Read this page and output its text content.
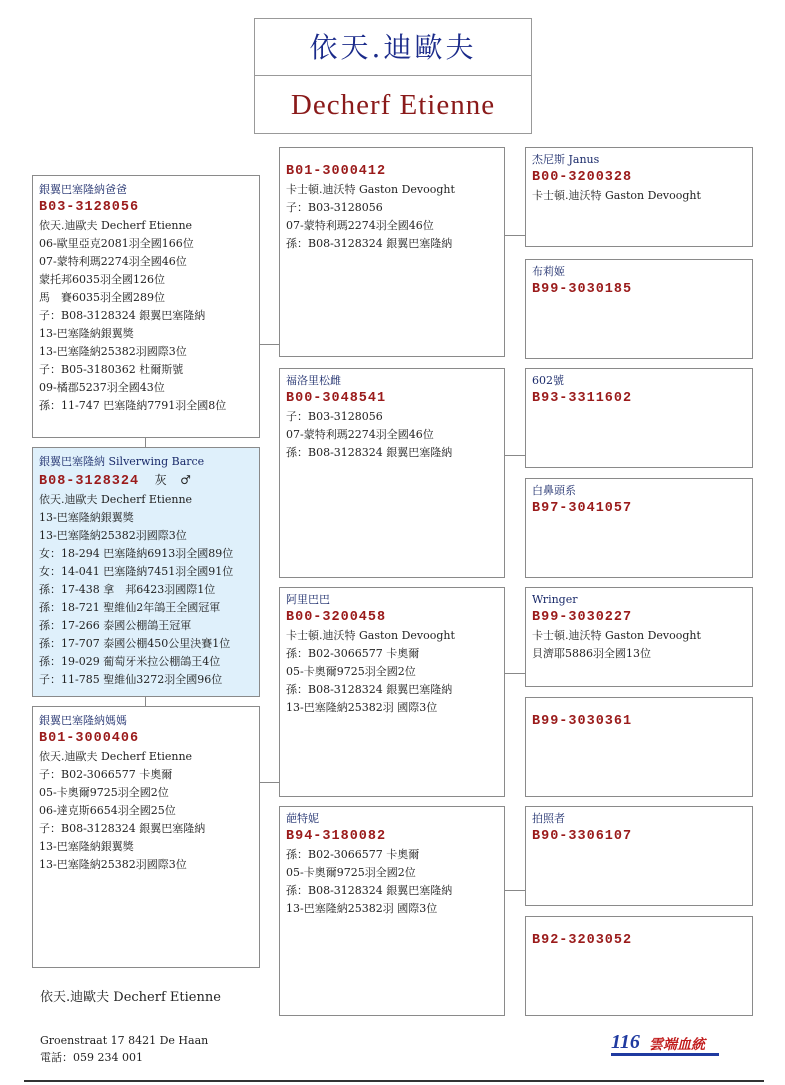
依天.迪歐夫
Decherf Etienne
銀翼巴塞隆納爸爸
B03-3128056
依天.迪歐夫 Decherf Etienne
06-歐里亞克2081羽全國166位
07-蒙特利瑪2274羽全國46位
蒙托邦6035羽全國126位
馬　賽6035羽全國289位
子：B08-3128324 銀翼巴塞隆納
13-巴塞隆納銀翼獎
13-巴塞隆納25382羽國際3位
子：B05-3180362 杜爾斯號
09-橘郡5237羽全國43位
孫：11-747 巴塞隆納7791羽全國8位
銀翼巴塞隆納 Silverwing Barce
B08-3128324 灰 ♂
依天.迪歐夫 Decherf Etienne
13-巴塞隆納銀翼獎
13-巴塞隆納25382羽國際3位
女：18-294 巴塞隆納6913羽全國89位
女：14-041 巴塞隆納7451羽全國91位
孫：17-438 拿　邦6423羽國際1位
孫：18-721 聖維仙2年鴿王全國冠軍
孫：17-266 泰國公棚鴿王冠軍
孫：17-707 泰國公棚450公里決賽1位
孫：19-029 葡萄牙米拉公棚鴿王4位
子：11-785 聖維仙3272羽全國96位
銀翼巴塞隆納媽媽
B01-3000406
依天.迪歐夫 Decherf Etienne
子：B02-3066577 卡奧爾
05-卡奧爾9725羽全國2位
06-達克斯6654羽全國25位
子：B08-3128324 銀翼巴塞隆納
13-巴塞隆納銀翼獎
13-巴塞隆納25382羽國際3位
B01-3000412
卡士頓.迪沃特 Gaston Devooght
子：B03-3128056
07-蒙特利瑪2274羽全國46位
孫：B08-3128324 銀翼巴塞隆納
福洛里松雌
B00-3048541
子：B03-3128056
07-蒙特利瑪2274羽全國46位
孫：B08-3128324 銀翼巴塞隆納
阿里巴巴
B00-3200458
卡士頓.迪沃特 Gaston Devooght
孫：B02-3066577 卡奧爾
05-卡奧爾9725羽全國2位
孫：B08-3128324 銀翼巴塞隆納
13-巴塞隆納25382羽 國際3位
葩特妮
B94-3180082
孫：B02-3066577 卡奧爾
05-卡奧爾9725羽全國2位
孫：B08-3128324 銀翼巴塞隆納
13-巴塞隆納25382羽 國際3位
杰尼斯 Janus
B00-3200328
卡士頓.迪沃特 Gaston Devooght
布莉姬
B99-3030185
602號
B93-3311602
白鼻頭系
B97-3041057
Wringer
B99-3030227
卡士頓.迪沃特 Gaston Devooght
貝濟耶5886羽全國13位
B99-3030361
拍照者
B90-3306107
B92-3203052
依天.迪歐夫 Decherf Etienne
Groenstraat 17 8421 De Haan
電話：059 234 001
116 雲端血統
